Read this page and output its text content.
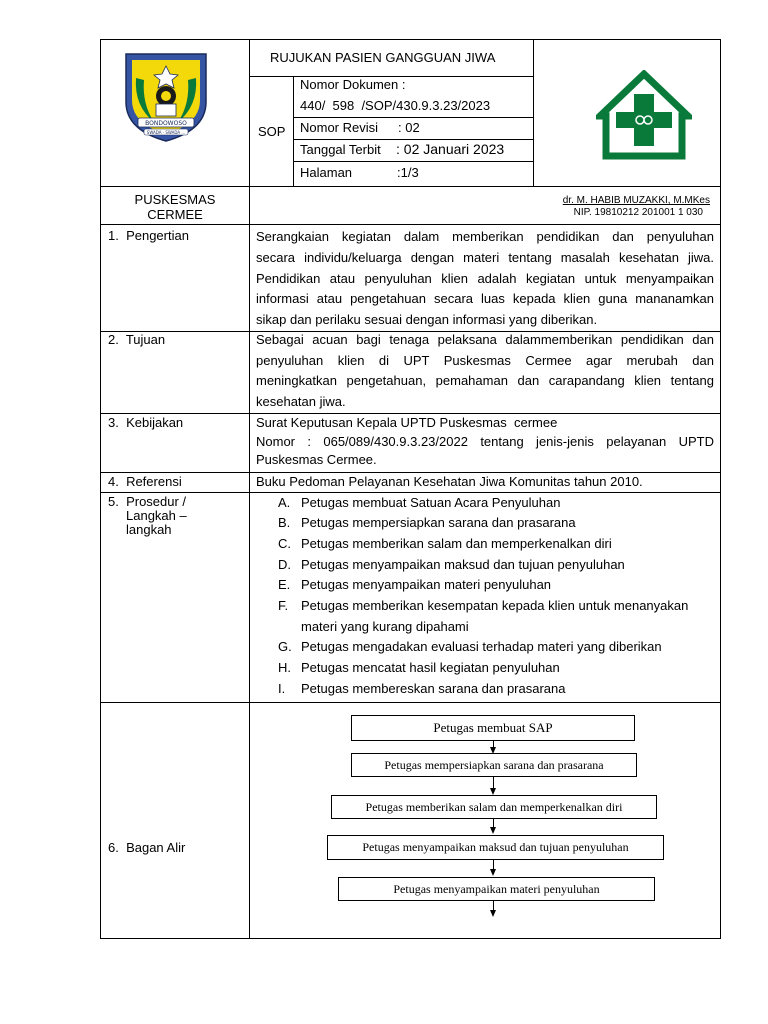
BONDOWOSO
SWADA · SWADA ...
RUJUKAN PASIEN GANGGUAN JIWA
SOP
Nomor Dokumen :
440/  598  /SOP/430.9.3.23/2023
Nomor Revisi : 02
Tanggal Terbit : 02 Januari 2023
Halaman	:1/3
PUSKESMAS
CERMEE
dr. M. HABIB MUZAKKI, M.MKes
NIP. 19810212 201001 1 030
1.  Pengertian	Serangkaian kegiatan dalam memberikan pendidikan dan penyuluhan
secara individu/keluarga dengan materi tentang masalah kesehatan jiwa.
Pendidikan atau penyuluhan klien adalah kegiatan untuk menyampaikan
informasi atau pengetahuan secara luas kepada klien guna mananamkan
sikap dan perilaku sesuai dengan informasi yang diberikan.
2.  Tujuan	Sebagai acuan bagi tenaga pelaksana dalammemberikan pendidikan dan
penyuluhan klien di UPT Puskesmas Cermee agar merubah dan
meningkatkan pengetahuan, pemahaman dan carapandang klien tentang
kesehatan jiwa.
3.  Kebijakan	Surat Keputusan Kepala UPTD Puskesmas  cermee
Nomor : 065/089/430.9.3.23/2022 tentang jenis-jenis pelayanan UPTD
Puskesmas Cermee.
4.  Referensi	Buku Pedoman Pelayanan Kesehatan Jiwa Komunitas tahun 2010.
5.  Prosedur /
Langkah –
langkah
A. Petugas membuat Satuan Acara Penyuluhan
B. Petugas mempersiapkan sarana dan prasarana
C. Petugas memberikan salam dan memperkenalkan diri
D. Petugas menyampaikan maksud dan tujuan penyuluhan
E. Petugas menyampaikan materi penyuluhan
F. Petugas memberikan kesempatan kepada klien untuk menanyakan
materi yang kurang dipahami
G. Petugas mengadakan evaluasi terhadap materi yang diberikan
H. Petugas mencatat hasil kegiatan penyuluhan
I. Petugas membereskan sarana dan prasarana
6.  Bagan Alir
Petugas membuat SAP
Petugas mempersiapkan sarana dan prasarana
Petugas memberikan salam dan memperkenalkan diri
Petugas menyampaikan maksud dan tujuan penyuluhan
Petugas menyampaikan materi penyuluhan
